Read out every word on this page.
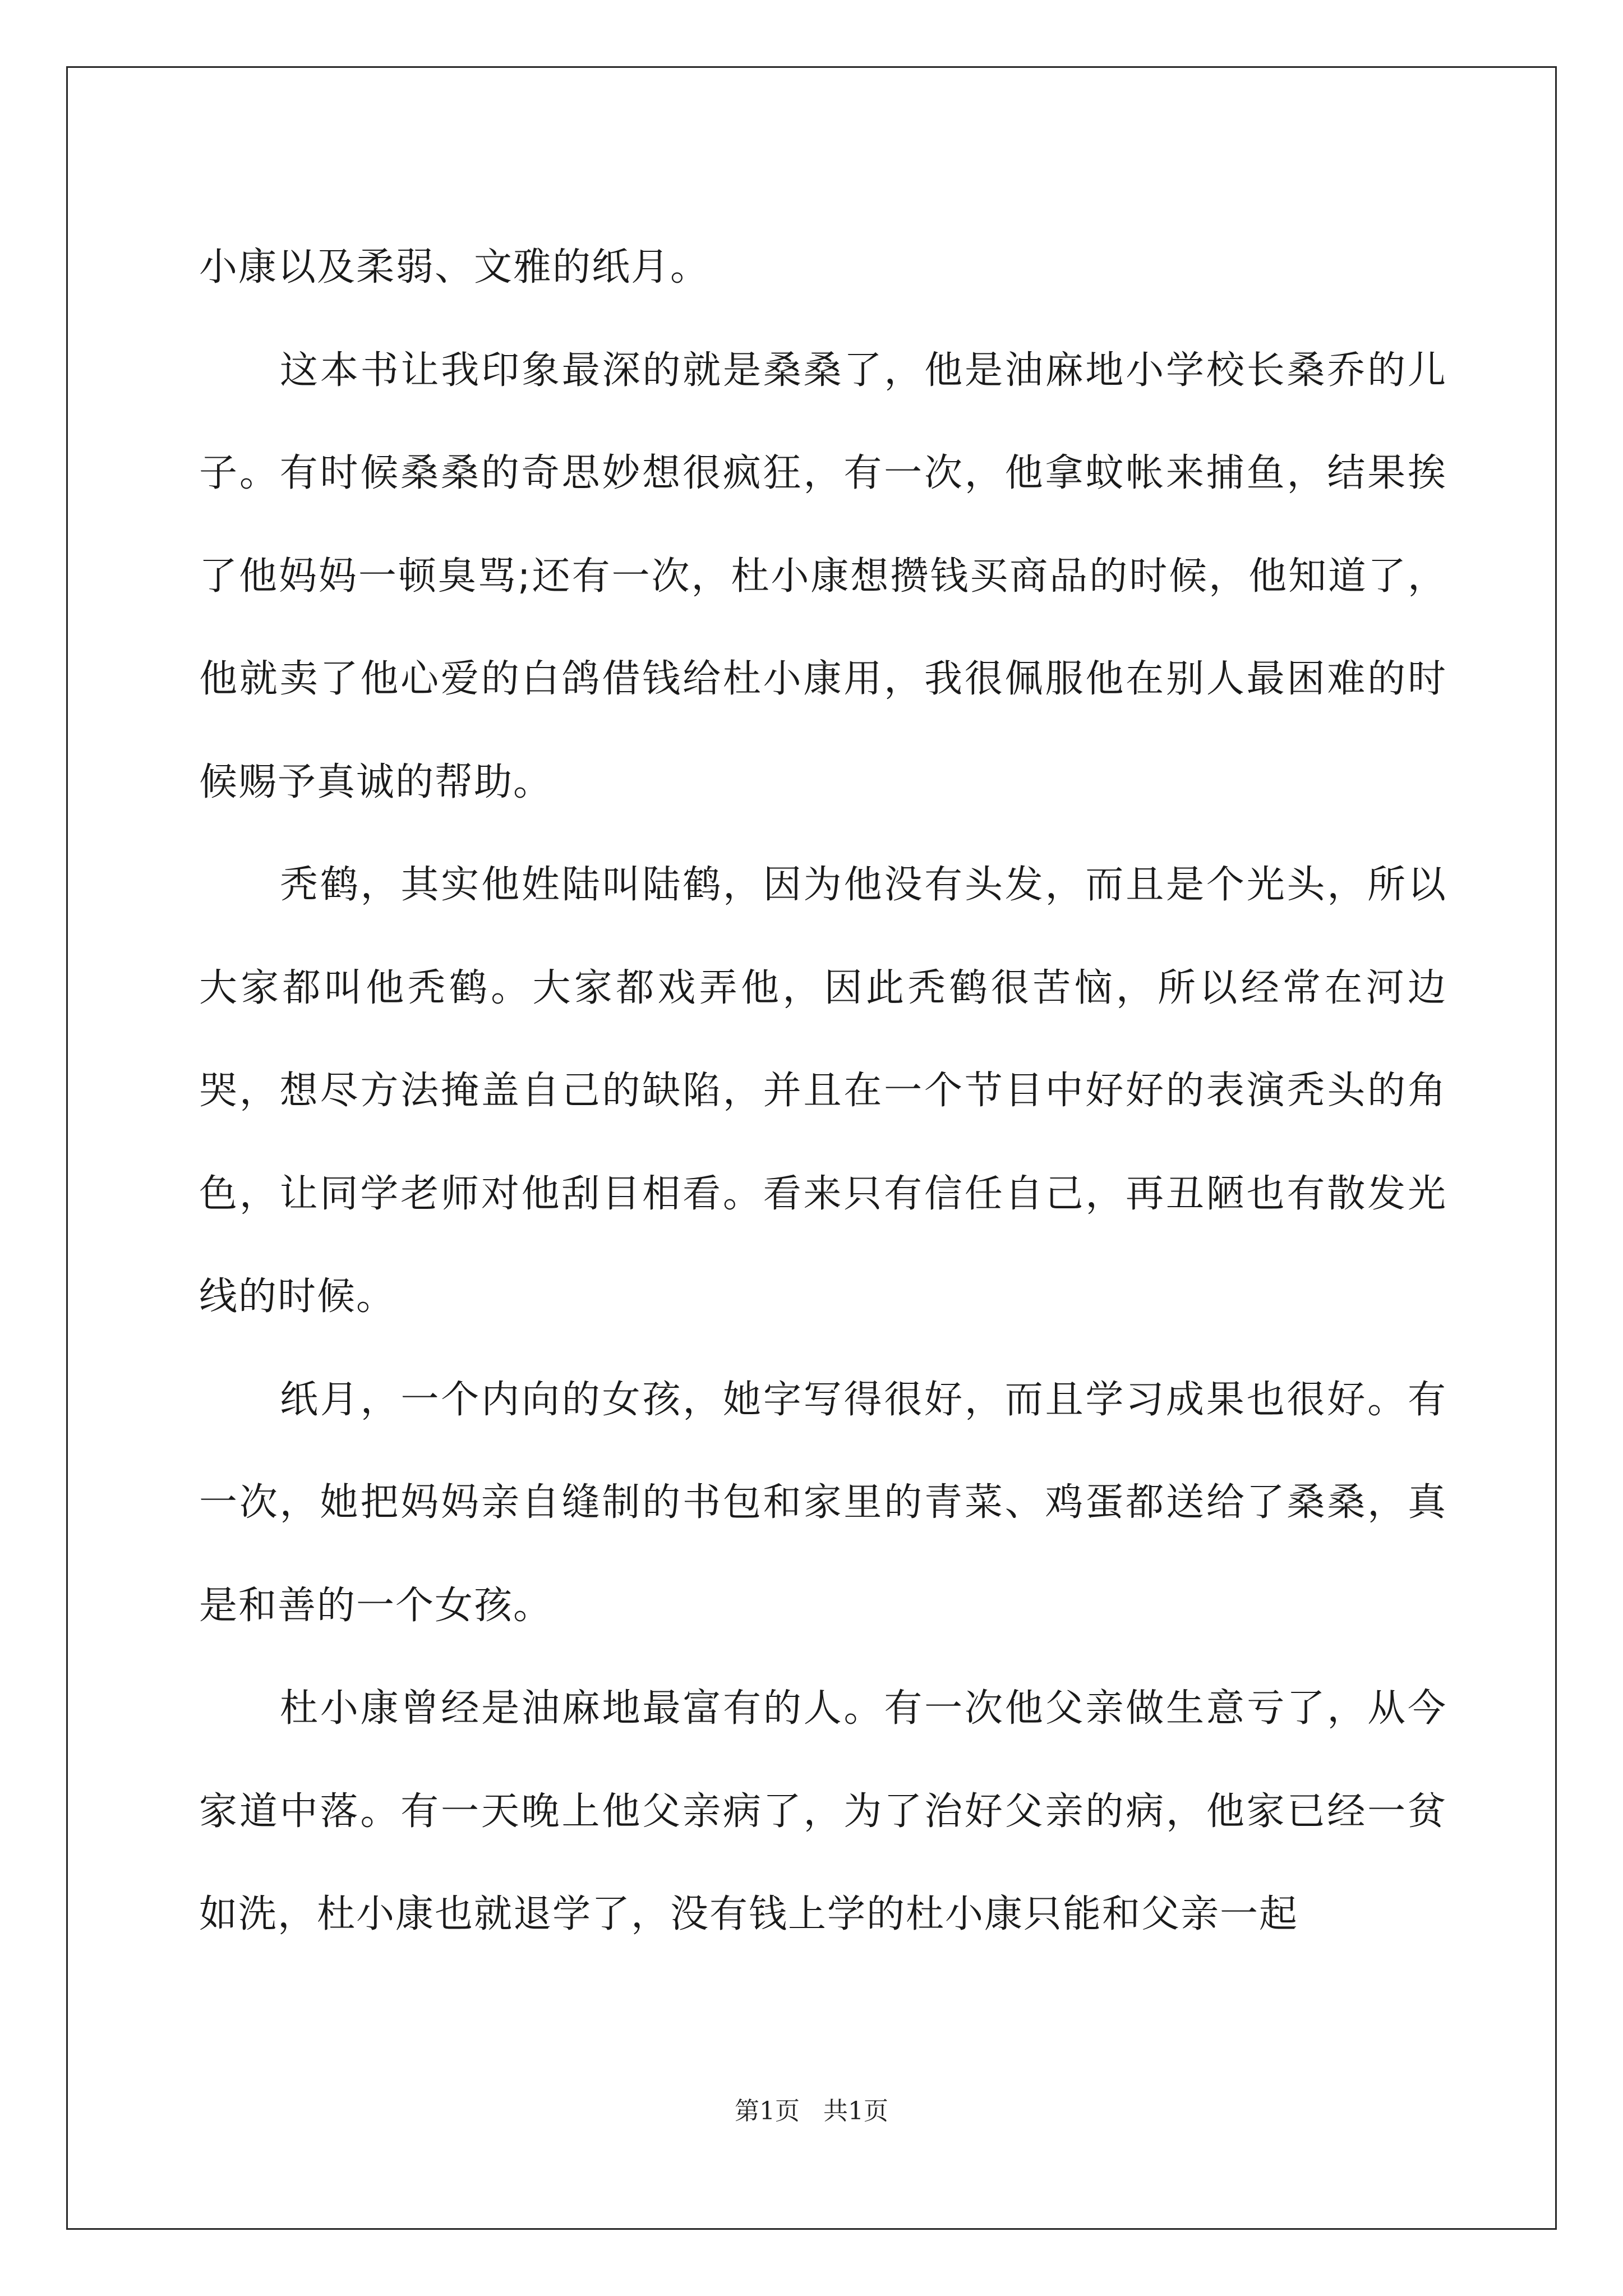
小康以及柔弱、文雅的纸月。

这本书让我印象最深的就是桑桑了，他是油麻地小学校长桑乔的儿子。有时候桑桑的奇思妙想很疯狂，有一次，他拿蚊帐来捕鱼，结果挨了他妈妈一顿臭骂;还有一次，杜小康想攒钱买商品的时候，他知道了，他就卖了他心爱的白鸽借钱给杜小康用，我很佩服他在别人最困难的时候赐予真诚的帮助。

秃鹤，其实他姓陆叫陆鹤，因为他没有头发，而且是个光头，所以大家都叫他秃鹤。大家都戏弄他，因此秃鹤很苦恼，所以经常在河边哭，想尽方法掩盖自己的缺陷，并且在一个节目中好好的表演秃头的角色，让同学老师对他刮目相看。看来只有信任自己，再丑陋也有散发光线的时候。

纸月，一个内向的女孩，她字写得很好，而且学习成果也很好。有一次，她把妈妈亲自缝制的书包和家里的青菜、鸡蛋都送给了桑桑，真是和善的一个女孩。

杜小康曾经是油麻地最富有的人。有一次他父亲做生意亏了，从今家道中落。有一天晚上他父亲病了，为了治好父亲的病，他家已经一贫如洗，杜小康也就退学了，没有钱上学的杜小康只能和父亲一起

第1页   共1页
